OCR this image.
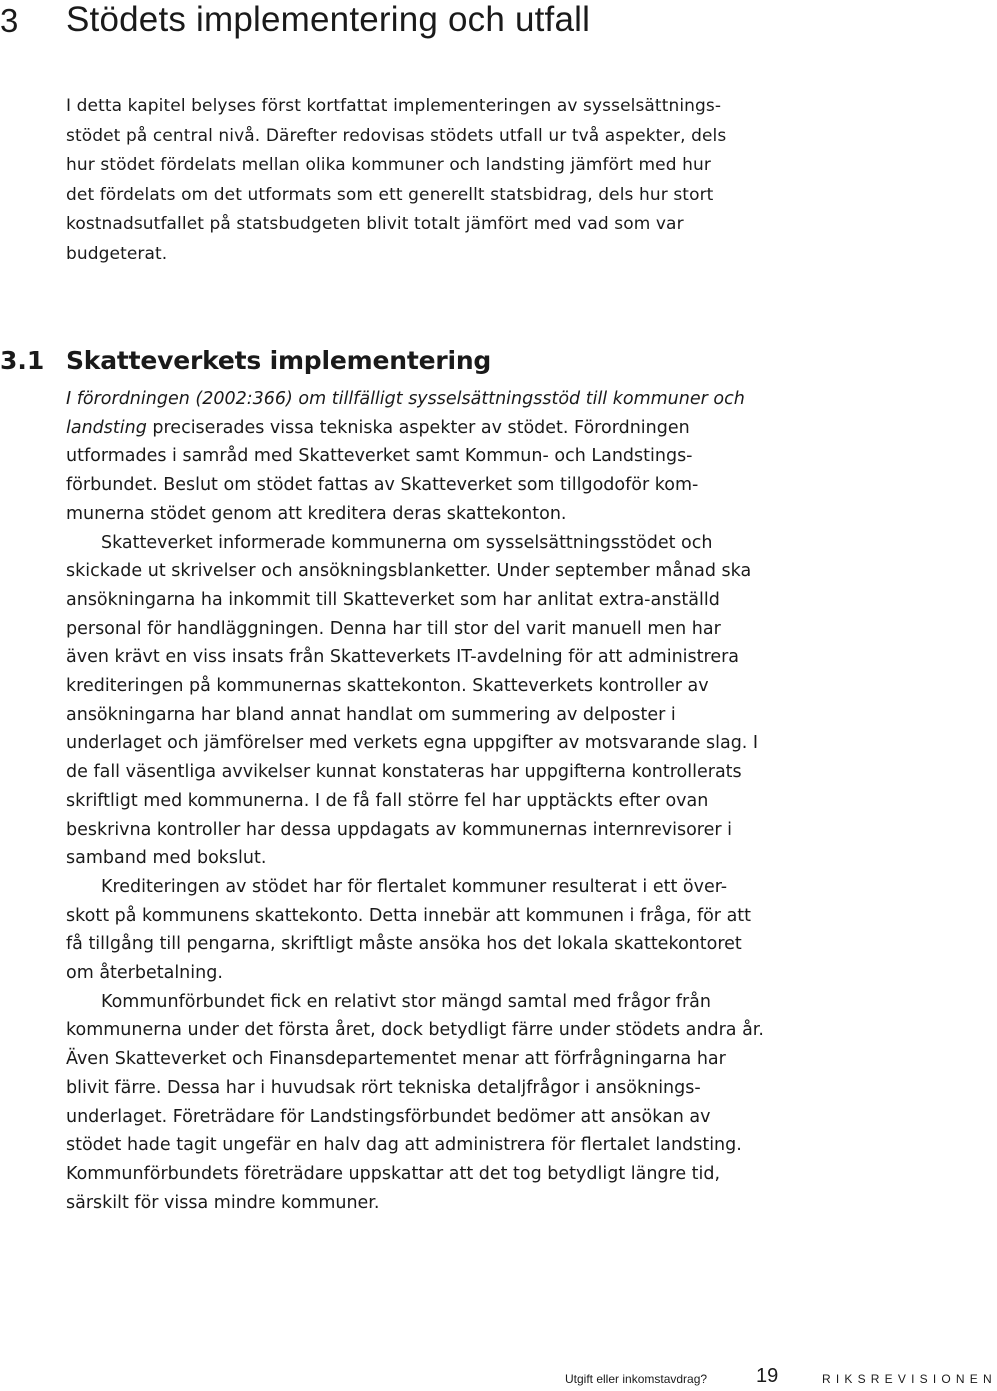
3 Stödets implementering och utfall
I detta kapitel belyses först kortfattat implementeringen av sysselsättnings-
stödet på central nivå. Därefter redovisas stödets utfall ur två aspekter, dels
hur stödet fördelats mellan olika kommuner och landsting jämfört med hur
det fördelats om det utformats som ett generellt statsbidrag, dels hur stort
kostnadsutfallet på statsbudgeten blivit totalt jämfört med vad som var
budgeterat.
3.1 Skatteverkets implementering

I förordningen (2002:366) om tillfälligt sysselsättningsstöd till kommuner och landsting preciserades vissa tekniska aspekter av stödet. Förordningen utformades i samråd med Skatteverket samt Kommun- och Landstings-förbundet. Beslut om stödet fattas av Skatteverket som tillgodoför kom-munerna stödet genom att kreditera deras skattekonton.

Skatteverket informerade kommunerna om sysselsättningsstödet och skickade ut skrivelser och ansökningsblanketter. Under september månad ska ansökningarna ha inkommit till Skatteverket som har anlitat extra-anställd personal för handläggningen. Denna har till stor del varit manuell men har även krävt en viss insats från Skatteverkets IT-avdelning för att administrera krediteringen på kommunernas skattekonton. Skatteverkets kontroller av ansökningarna har bland annat handlat om summering av delposter i underlaget och jämförelser med verkets egna uppgifter av motsvarande slag. I de fall väsentliga avvikelser kunnat konstateras har uppgifterna kontrollerats skriftligt med kommunerna. I de få fall större fel har upptäckts efter ovan beskrivna kontroller har dessa uppdagats av kommunernas internrevisorer i samband med bokslut.

Krediteringen av stödet har för flertalet kommuner resulterat i ett över-skott på kommunens skattekonto. Detta innebär att kommunen i fråga, för att få tillgång till pengarna, skriftligt måste ansöka hos det lokala skattekontoret om återbetalning.

Kommunförbundet fick en relativt stor mängd samtal med frågor från kommunerna under det första året, dock betydligt färre under stödets andra år. Även Skatteverket och Finansdepartementet menar att förfrågningarna har blivit färre. Dessa har i huvudsak rört tekniska detaljfrågor i ansöknings-underlaget. Företrädare för Landstingsförbundet bedömer att ansökan av stödet hade tagit ungefär en halv dag att administrera för flertalet landsting. Kommunförbundets företrädare uppskattar att det tog betydligt längre tid, särskilt för vissa mindre kommuner.

Utgift eller inkomstavdrag? 19	RIKSREVISIONEN
